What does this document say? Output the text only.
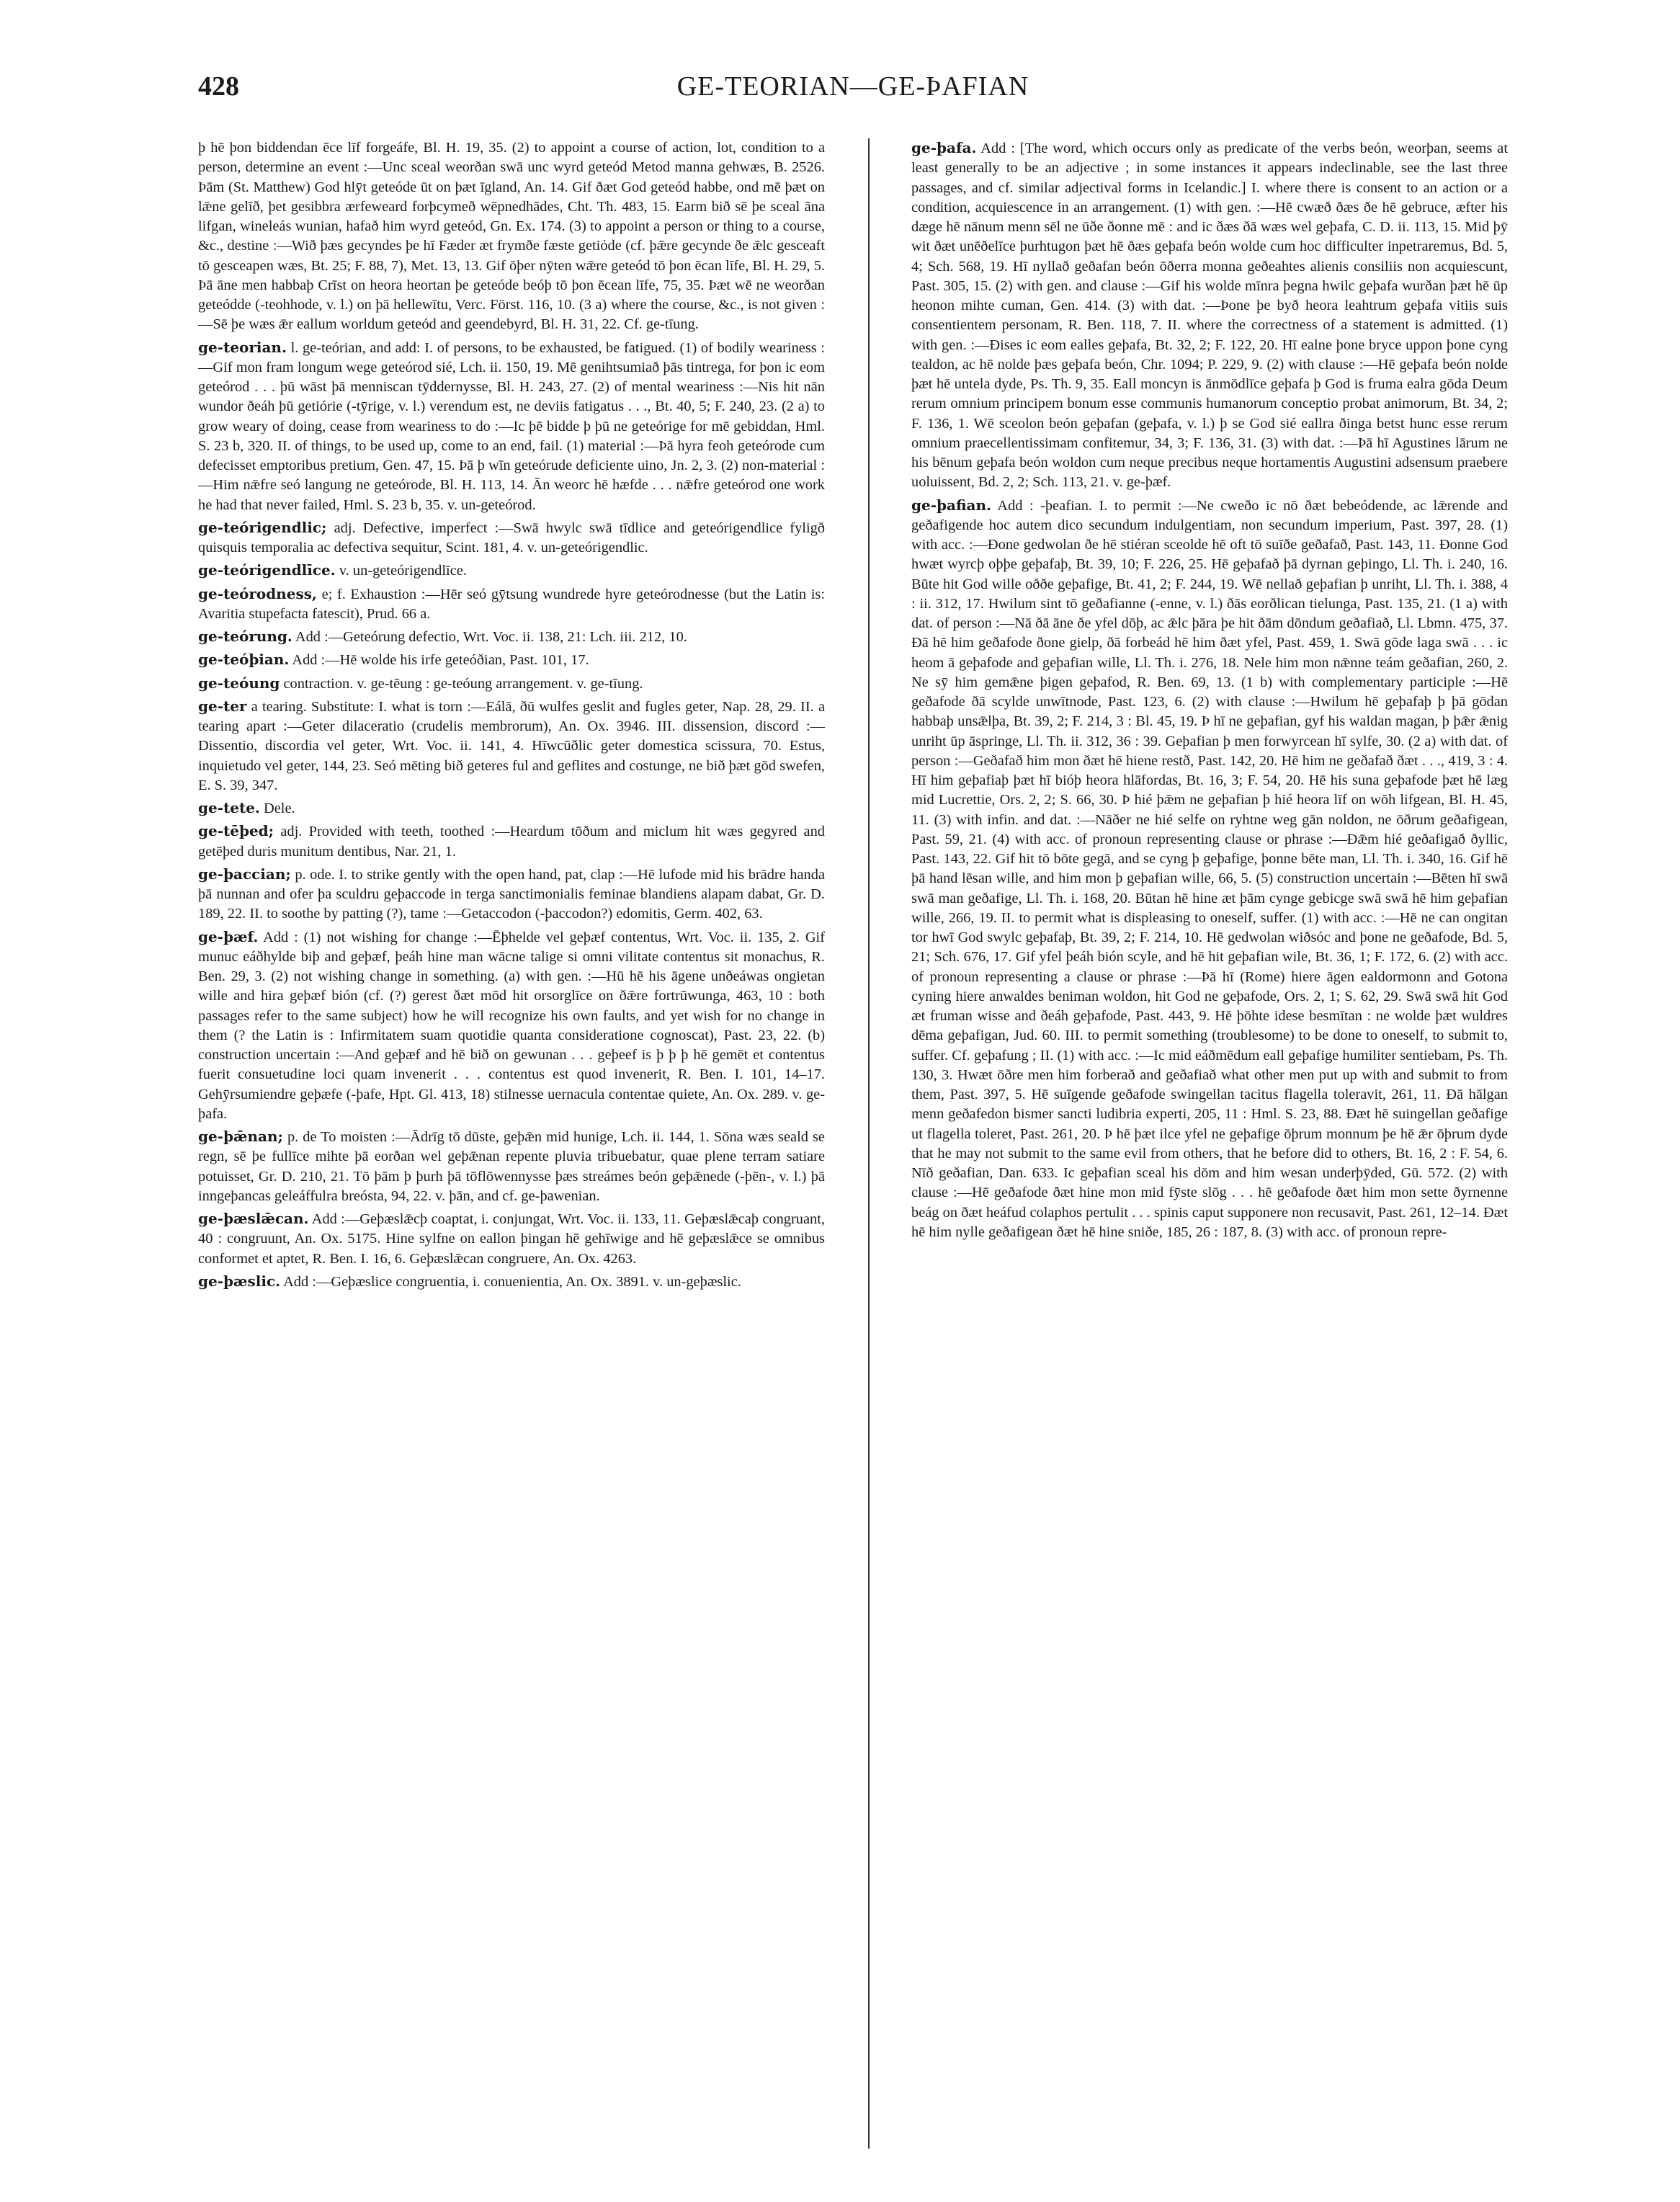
428	GE-TEORIAN—GE-ÞAFIAN

þ hē þon biddendan ēce līf forgeáfe, Bl. H. 19, 35. (2) to appoint a course of action, lot, condition to a person, determine an event :—Unc sceal weorðan swā unc wyrd geteód Metod manna gehwæs, B. 2526. Þām (St. Matthew) God hlȳt geteóde ūt on þæt īgland, An. 14. Gif ðæt God geteód habbe, ond mē þæt on lǣne gelīð, þet gesibbra ærfeweard forþcymeð wēpnedhādes, Cht. Th. 483, 15. Earm bið sē þe sceal āna lifgan, wineleás wunian, hafað him wyrd geteód, Gn. Ex. 174. (3) to appoint a person or thing to a course, &c., destine :—Wið þæs gecyndes þe hī Fæder æt frymðe fæste getiόde (cf. þǣre gecynde ðe ǣlc gesceaft tō gesceapen wæs, Bt. 25; F. 88, 7), Met. 13, 13. Gif ōþer nȳten wǣre geteód tō þon ēcan līfe, Bl. H. 29, 5. Þā āne men habbaþ Crīst on heora heortan þe geteóde beóþ tō þon ēcean līfe, 75, 35. Þæt wē ne weorðan geteódde (-teohhode, v. l.) on þā hellewītu, Verc. Först. 116, 10. (3 a) where the course, &c., is not given :—Sē þe wæs ǣr eallum worldum geteód and geendebyrd, Bl. H. 31, 22. Cf. ge-tīung.

ge-teorian. l. ge-teórian, and add: I. of persons, to be exhausted, be fatigued. (1) of bodily weariness :—Gif mon fram longum wege geteórod sié, Lch. ii. 150, 19. Mē genihtsumiað þās tintrega, for þon ic eom geteórod . . . þū wāst þā menniscan tȳddernysse, Bl. H. 243, 27. (2) of mental weariness :—Nis hit nān wundor ðeáh þū getiórie (-tȳrige, v. l.) verendum est, ne deviis fatigatus . . ., Bt. 40, 5; F. 240, 23. (2 a) to grow weary of doing, cease from weariness to do :—Ic þē bidde þ þū ne geteórige for mē gebiddan, Hml. S. 23 b, 320. II. of things, to be used up, come to an end, fail. (1) material :—Þā hyra feoh geteórode cum defecisset emptoribus pretium, Gen. 47, 15. Þā þ wīn geteórude deficiente uino, Jn. 2, 3. (2) non-material :—Him nǣfre seó langung ne geteórode, Bl. H. 113, 14. Ān weorc hē hæfde . . . nǣfre geteórod one work he had that never failed, Hml. S. 23 b, 35. v. un-geteórod.

ge-teórigendlic; adj. Defective, imperfect :—Swā hwylc swā tīdlice and geteórigendlice fyligð quisquis temporalia ac defectiva sequitur, Scint. 181, 4. v. un-geteórigendlic.

ge-teórigendlīce. v. un-geteórigendlīce.

ge-teórodness, e; f. Exhaustion :—Hēr seó gȳtsung wundrede hyre geteórodnesse (but the Latin is: Avaritia stupefacta fatescit), Prud. 66 a.

ge-teórung. Add :—Geteórung defectio, Wrt. Voc. ii. 138, 21: Lch. iii. 212, 10.

ge-teóþian. Add :—Hē wolde his irfe geteóðian, Past. 101, 17.

ge-teóung contraction. v. ge-tēung : ge-teóung arrangement. v. ge-tīung.

ge-ter a tearing. Substitute: I. what is torn :—Eálā, ðū wulfes geslit and fugles geter, Nap. 28, 29. II. a tearing apart :—Geter dilaceratio (crudelis membrorum), An. Ox. 3946. III. dissension, discord :—Dissentio, discordia vel geter, Wrt. Voc. ii. 141, 4. Hīwcūðlic geter domestica scissura, 70. Estus, inquietudo vel geter, 144, 23. Seó mēting bið geteres ful and geflites and costunge, ne bið þæt gōd swefen, E. S. 39, 347.

ge-tete. Dele.

ge-tēþed; adj. Provided with teeth, toothed :—Heardum tōðum and miclum hit wæs gegyred and getēþed duris munitum dentibus, Nar. 21, 1.

ge-þaccian; p. ode. I. to strike gently with the open hand, pat, clap :—Hē lufode mid his brādre handa þā nunnan and ofer þa sculdru geþaccode in terga sanctimonialis feminae blandiens alapam dabat, Gr. D. 189, 22. II. to soothe by patting (?), tame :—Getaccodon (-þaccodon?) edomitis, Germ. 402, 63.

ge-þæf. Add : (1) not wishing for change :—Ēþhelde vel geþæf contentus, Wrt. Voc. ii. 135, 2. Gif munuc eáðhylde biþ and geþæf, þeáh hine man wācne talige si omni vilitate contentus sit monachus, R. Ben. 29, 3. (2) not wishing change in something. (a) with gen. :—Hū hē his āgene unðeáwas ongietan wille and hira geþæf bión (cf. (?) gerest ðæt mōd hit orsorglīce on ðǣre fortrūwunga, 463, 10 : both passages refer to the same subject) how he will recognize his own faults, and yet wish for no change in them (? the Latin is : Infirmitatem suam quotidie quanta consideratione cognoscat), Past. 23, 22. (b) construction uncertain :—And geþæf and hē bið on gewunan . . . geþeef is þ þ þ hē gemēt et contentus fuerit consuetudine loci quam invenerit . . . contentus est quod invenerit, R. Ben. I. 101, 14–17. Gehȳrsumiendre geþæfe (-þafe, Hpt. Gl. 413, 18) stilnesse uernacula contentae quiete, An. Ox. 289. v. ge-þafa.

ge-þǣnan; p. de To moisten :—Ādrīg tō dūste, geþǣn mid hunige, Lch. ii. 144, 1. Sōna wæs seald se regn, sē þe fullīce mihte þā eorðan wel geþǣnan repente pluvia tribuebatur, quae plene terram satiare potuisset, Gr. D. 210, 21. Tō þām þ þurh þā tōflōwennysse þæs streámes beón geþǣnede (-þēn-, v. l.) þā inngeþancas geleáffulra breósta, 94, 22. v. þān, and cf. ge-þawenian.

ge-þæslǣcan. Add :—Geþæslǣcþ coaptat, i. conjungat, Wrt. Voc. ii. 133, 11. Geþæslǣcaþ congruant, 40 : congruunt, An. Ox. 5175. Hine sylfne on eallon þingan hē gehīwige and hē geþæslǣce se omnibus conformet et aptet, R. Ben. I. 16, 6. Geþæslǣcan congruere, An. Ox. 4263.

ge-þæslic. Add :—Geþæslice congruentia, i. conuenientia, An. Ox. 3891. v. un-geþæslic.

ge-þafa. Add : [The word, which occurs only as predicate of the verbs beón, weorþan, seems at least generally to be an adjective ; in some instances it appears indeclinable, see the last three passages, and cf. similar adjectival forms in Icelandic.] I. where there is consent to an action or a condition, acquiescence in an arrangement. (1) with gen. :—Hē cwæð ðæs ðe hē gebruce, æfter his dæge hē nānum menn sēl ne ūðe ðonne mē : and ic ðæs ðā wæs wel geþafa, C. D. ii. 113, 15. Mid þȳ wit ðæt unēðelīce þurhtugon þæt hē ðæs geþafa beón wolde cum hoc difficulter inpetraremus, Bd. 5, 4; Sch. 568, 19. Hī nyllað geðafan beón ōðerra monna geðeahtes alienis consiliis non acquiescunt, Past. 305, 15. (2) with gen. and clause :—Gif his wolde mīnra þegna hwilc geþafa wurðan þæt hē ūp heonon mihte cuman, Gen. 414. (3) with dat. :—Þone þe byð heora leahtrum geþafa vitiis suis consentientem personam, R. Ben. 118, 7. II. where the correctness of a statement is admitted. (1) with gen. :—Ðises ic eom ealles geþafa, Bt. 32, 2; F. 122, 20. Hī ealne þone bryce uppon þone cyng tealdon, ac hē nolde þæs geþafa beón, Chr. 1094; P. 229, 9. (2) with clause :—Hē geþafa beón nolde þæt hē untela dyde, Ps. Th. 9, 35. Eall moncyn is ānmōdlīce geþafa þ God is fruma ealra gōda Deum rerum omnium principem bonum esse communis humanorum conceptio probat animorum, Bt. 34, 2; F. 136, 1. Wē sceolon beón geþafan (geþafa, v. l.) þ se God sié eallra ðinga betst hunc esse rerum omnium praecellentissimam confitemur, 34, 3; F. 136, 31. (3) with dat. :—Þā hī Agustines lārum ne his bēnum geþafa beón woldon cum neque precibus neque hortamentis Augustini adsensum praebere uoluissent, Bd. 2, 2; Sch. 113, 21. v. ge-þæf.

ge-þafian. Add : -þeafian. I. to permit :—Ne cweðo ic nō ðæt bebeódende, ac lǣrende and geðafigende hoc autem dico secundum indulgentiam, non secundum imperium, Past. 397, 28. (1) with acc. :—Ðone gedwolan ðe hē stiéran sceolde hē oft tō suīðe geðafað, Past. 143, 11. Ðonne God hwæt wyrcþ oþþe geþafaþ, Bt. 39, 10; F. 226, 25. Hē geþafað þā dyrnan geþingo, Ll. Th. i. 240, 16. Būte hit God wille oððe geþafige, Bt. 41, 2; F. 244, 19. Wē nellað geþafian þ unriht, Ll. Th. i. 388, 4 : ii. 312, 17. Hwilum sint tō geðafianne (-enne, v. l.) ðās eorðlican tielunga, Past. 135, 21. (1 a) with dat. of person :—Nā ðā āne ðe yfel dōþ, ac ǣlc þāra þe hit ðām dōndum geðafiað, Ll. Lbmn. 475, 37. Ðā hē him geðafode ðone gielp, ðā forbeád hē him ðæt yfel, Past. 459, 1. Swā gōde laga swā . . . ic heom ā geþafode and geþafian wille, Ll. Th. i. 276, 18. Nele him mon nǣnne teám geðafian, 260, 2. Ne sȳ him gemǣne þigen geþafod, R. Ben. 69, 13. (1 b) with complementary participle :—Hē geðafode ðā scylde unwītnode, Past. 123, 6. (2) with clause :—Hwilum hē geþafaþ þ þā gōdan habbaþ unsǣlþa, Bt. 39, 2; F. 214, 3 : Bl. 45, 19. Þ hī ne geþafian, gyf his waldan magan, þ þǣr ǣnig unriht ūp āspringe, Ll. Th. ii. 312, 36 : 39. Geþafian þ men forwyrcean hī sylfe, 30. (2 a) with dat. of person :—Geðafað him mon ðæt hē hiene restð, Past. 142, 20. Hē him ne geðafað ðæt . . ., 419, 3 : 4. Hī him geþafiaþ þæt hī bióþ heora hlāfordas, Bt. 16, 3; F. 54, 20. Hē his suna geþafode þæt hē læg mid Lucrettie, Ors. 2, 2; S. 66, 30. Þ hié þǣm ne geþafian þ hié heora līf on wōh lifgean, Bl. H. 45, 11. (3) with infin. and dat. :—Nāðer ne hié selfe on ryhtne weg gān noldon, ne ōðrum geðafigean, Past. 59, 21. (4) with acc. of pronoun representing clause or phrase :—Ðǣm hié geðafigað ðyllic, Past. 143, 22. Gif hit tō bōte gegā, and se cyng þ geþafige, þonne bēte man, Ll. Th. i. 340, 16. Gif hē þā hand lēsan wille, and him mon þ geþafian wille, 66, 5. (5) construction uncertain :—Bēten hī swā swā man geðafige, Ll. Th. i. 168, 20. Būtan hē hine æt þām cynge gebicge swā swā hē him geþafian wille, 266, 19. II. to permit what is displeasing to oneself, suffer. (1) with acc. :—Hē ne can ongitan tor hwī God swylc geþafaþ, Bt. 39, 2; F. 214, 10. Hē gedwolan wiðsóc and þone ne geðafode, Bd. 5, 21; Sch. 676, 17. Gif yfel þeáh bión scyle, and hē hit geþafian wile, Bt. 36, 1; F. 172, 6. (2) with acc. of pronoun representing a clause or phrase :—Þā hī (Rome) hiere āgen ealdormonn and Gotona cyning hiere anwaldes beniman woldon, hit God ne geþafode, Ors. 2, 1; S. 62, 29. Swā swā hit God æt fruman wisse and ðeáh geþafode, Past. 443, 9. Hē þōhte idese besmītan : ne wolde þæt wuldres dēma geþafigan, Jud. 60. III. to permit something (troublesome) to be done to oneself, to submit to, suffer. Cf. geþafung ; II. (1) with acc. :—Ic mid eáðmēdum eall geþafige humiliter sentiebam, Ps. Th. 130, 3. Hwæt ōðre men him forberað and geðafiað what other men put up with and submit to from them, Past. 397, 5. Hē suīgende geðafode swingellan tacitus flagella toleravit, 261, 11. Ðā hālgan menn geðafedon bismer sancti ludibria experti, 205, 11 : Hml. S. 23, 88. Ðæt hē suingellan geðafige ut flagella toleret, Past. 261, 20. Þ hē þæt ilce yfel ne geþafige ōþrum monnum þe hē ǣr ōþrum dyde that he may not submit to the same evil from others, that he before did to others, Bt. 16, 2 : F. 54, 6. Nīð geðafian, Dan. 633. Ic geþafian sceal his dōm and him wesan underþȳded, Gū. 572. (2) with clause :—Hē geðafode ðæt hine mon mid fȳste slōg . . . hē geðafode ðæt him mon sette ðyrnenne beág on ðæt heáfud colaphos pertulit . . . spinis caput supponere non recusavit, Past. 261, 12–14. Ðæt hē him nylle geðafigean ðæt hē hine sniðe, 185, 26 : 187, 8. (3) with acc. of pronoun repre-
